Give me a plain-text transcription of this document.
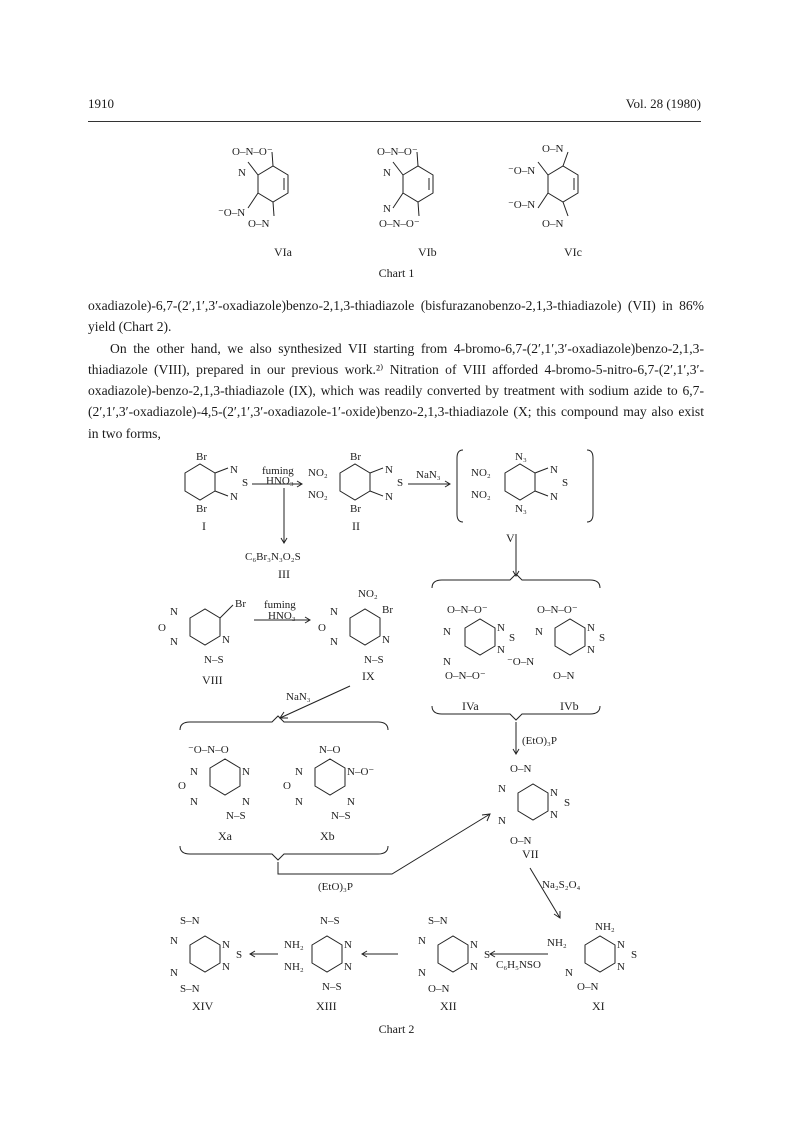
1910	Vol. 28 (1980)
O–N–O⁻
N
⁻O–N
O–N
O–N–O⁻
N
N
O–N–O⁻
O–N
⁻O–N
⁻O–N
O–N
VIa	VIb	VIc
Chart 1

oxadiazole)-6,7-(2′,1′,3′-oxadiazole)benzo-2,1,3-thiadiazole (bisfurazanobenzo-2,1,3-thiadiazole) (VII) in 86% yield (Chart 2).

On the other hand, we also synthesized VII starting from 4-bromo-6,7-(2′,1′,3′-oxadiazole)benzo-2,1,3-thiadiazole (VIII), prepared in our previous work.²⁾ Nitration of VIII afforded 4-bromo-5-nitro-6,7-(2′,1′,3′-oxadiazole)-benzo-2,1,3-thiadiazole (IX), which was readily converted by treatment with sodium azide to 6,7-(2′,1′,3′-oxadiazole)-4,5-(2′,1′,3′-oxadiazole-1′-oxide)benzo-2,1,3-thiadiazole (X; this compound may also exist in two forms,

Br
Br
N
S
N
I
fuming
HNO₃
C₆Br₃N₃O₂S
III
Br
Br
NO₂
NO₂
N
S
N
II
NaN₃
N₃
N₃
NO₂
NO₂
N
S
N
V
Br
N
O
N	N
N–S
VIII
fuming
HNO₃
NO₂
Br
N
O
N	N
N–S
IX
NaN₃
O–N–O⁻
N
N
O–N–O⁻
N
S
N
O–N–O⁻
N
⁻O–N
O–N
N
S
N
IVa	IVb
(EtO)₃P
⁻O–N–O
N
O
N
N
N
N–S
N–O
N
O
N
N–O⁻
N
N–S
Xa	Xb
(EtO)₃P
O–N
N
N
O–N
N
S
N
VII
Na₂S₂O₄
NH₂
NH₂
N
O–N
N
S
N
XI
C₆H₅NSO
S–N
N
N
O–N
N
S
N
XII
N–S
NH₂
NH₂
N
N
N–S
XIII
S–N
N
N
S–N
N
S
N
XIV
Chart 2
